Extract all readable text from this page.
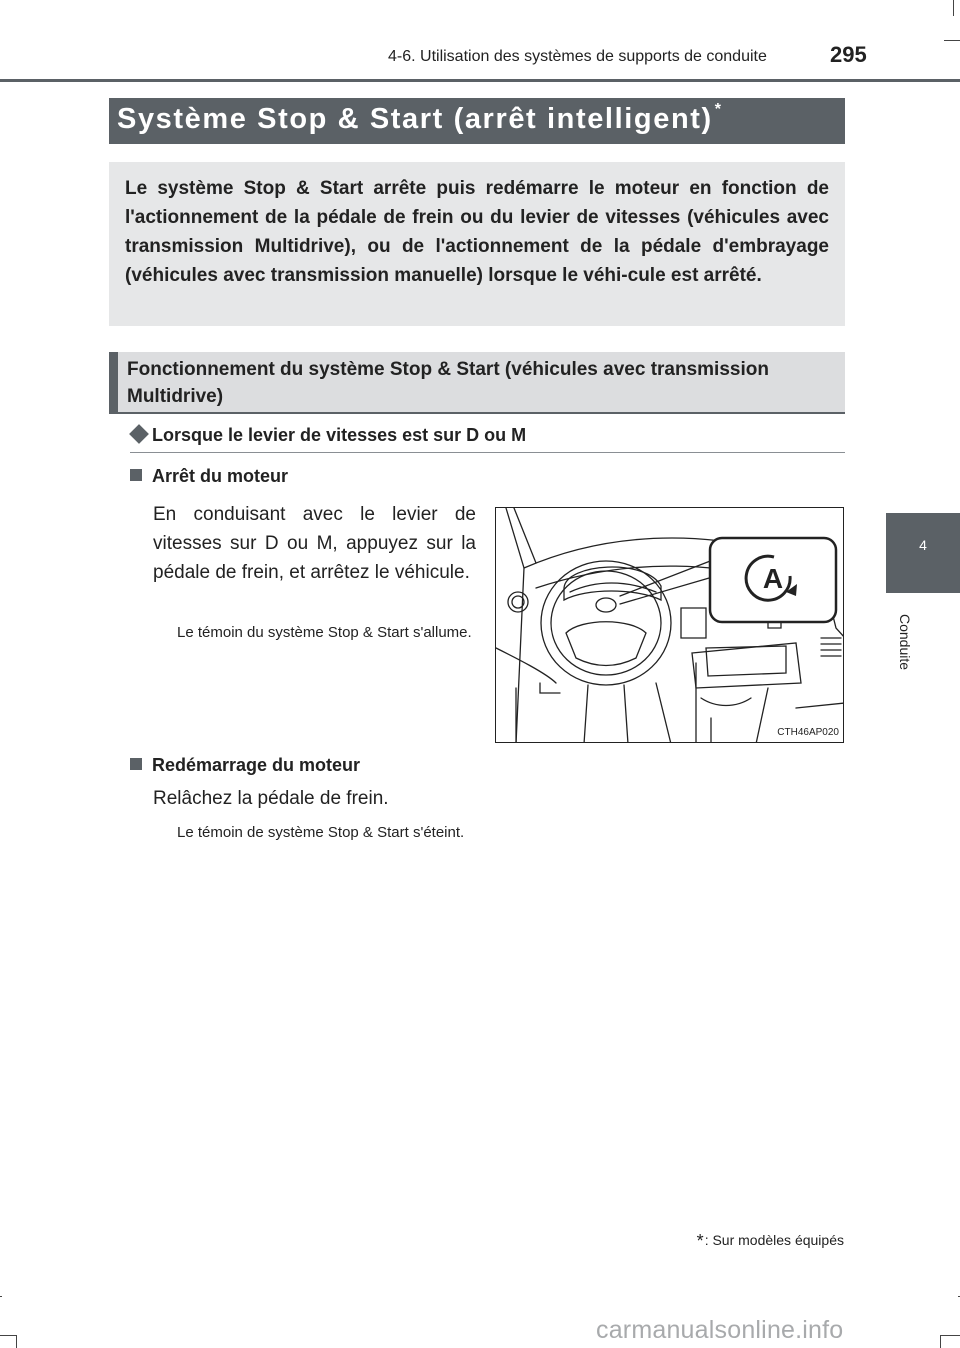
4-6. Utilisation des systèmes de supports de conduite	295
Système Stop & Start (arrêt intelligent) *
Le système Stop & Start arrête puis redémarre le moteur en fonction de l'actionnement de la pédale de frein ou du levier de vitesses (véhicules avec transmission Multidrive), ou de l'actionnement de la pédale d'embrayage (véhicules avec transmission manuelle) lorsque le véhi-cule est arrêté.
Fonctionnement du système Stop & Start (véhicules avec transmission Multidrive)
Lorsque le levier de vitesses est sur D ou M
Arrêt du moteur
En conduisant avec le levier de vitesses sur D ou M, appuyez sur la pédale de frein, et arrêtez le véhicule.
Le témoin du système Stop & Start s'allume.
A
CTH46AP020
Redémarrage du moteur
Relâchez la pédale de frein.
Le témoin de système Stop & Start s'éteint.
*: Sur modèles équipés
4
Conduite
carmanualsonline.info
